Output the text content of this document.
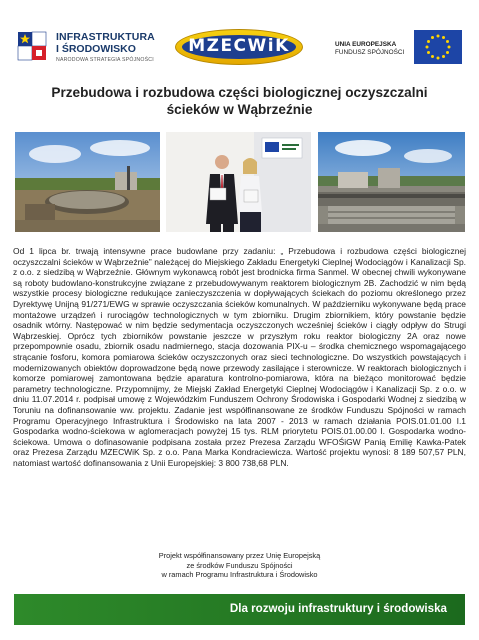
INFRASTRUKTURA
I ŚRODOWISKO
NARODOWA STRATEGIA SPÓJNOŚCI
MZECWiK	UNIA EUROPEJSKA
FUNDUSZ SPÓJNOŚCI
Przebudowa i rozbudowa części biologicznej oczyszczalni
ścieków w Wąbrzeźnie
Od 1 lipca br. trwają intensywne prace budowlane przy zadaniu: „ Przebudowa i rozbudowa części biologicznej oczyszczalni ścieków w Wąbrzeźnie” należącej do Miejskiego Zakładu Energetyki Cieplnej Wodociągów i Kanalizacji Sp. z o.o. z siedzibą w Wąbrzeźnie. Głównym wykonawcą robót jest brodnicka firma Sanmel. W obecnej chwili wykonywane są roboty budowlano-konstrukcyjne związane z przebudowywanym reaktorem biologicznym 2B. Zachodzić w nim będą wszystkie procesy biologiczne redukujące zanieczyszczenia w dopływających ściekach do poziomu określonego przez Dyrektywę Unijną 91/271/EWG w sprawie oczyszczania ścieków komunalnych. W październiku wykonywane będą prace montażowe urządzeń i rurociągów technologicznych w tym zbiorniku. Drugim zbiornikiem, który powstanie będzie osadnik wtórny. Następować w nim będzie sedymentacja oczyszczonych wcześniej ścieków i ciągły odpływ do Strugi Wąbrzeskiej. Oprócz tych zbiorników powstanie jeszcze w przyszłym roku reaktor biologiczny 2A oraz nowe przepompownie osadu, zbiornik osadu nadmiernego, stacja dozowania PIX-u – środka chemicznego wspomagającego strącanie fosforu, komora pomiarowa ścieków oczyszczonych oraz sieci technologiczne. Do wszystkich powstających i modernizowanych obiektów doprowadzone będą nowe przewody zasilające i sterownicze. W reaktorach biologicznych i komorze pomiarowej zamontowana będzie aparatura kontrolno-pomiarowa, która na bieżąco monitorować będzie parametry technologiczne. Przypomnijmy, że Miejski Zakład Energetyki Cieplnej Wodociągów i Kanalizacji Sp. z o.o. w dniu 11.07.2014 r. podpisał umowę z Wojewódzkim Funduszem Ochrony Środowiska i Gospodarki Wodnej z siedzibą w Toruniu na dofinansowanie ww. projektu. Zadanie jest współfinansowane ze środków Funduszu Spójności w ramach Programu Operacyjnego Infrastruktura i Środowisko na lata 2007 - 2013 w ramach działania POIS.01.01.00 I.1 Gospodarka wodno-ściekowa w aglomeracjach powyżej 15 tys. RLM priorytetu POIS.01.00.00 I. Gospodarka wodno-ściekowa. Umowa o dofinasowanie podpisana została przez Prezesa Zarządu WFOŚiGW Panią Emilię Kawka-Patek oraz Prezesa Zarządu MZECWiK Sp. z o.o. Pana Marka Kondraciewicza. Wartość projektu wynosi: 8 189 507,57 PLN, natomiast wartość dofinansowania z Unii Europejskiej: 3 800 738,68 PLN.
Projekt współfinansowany przez Unię Europejską
ze środków Funduszu Spójności
w ramach Programu Infrastruktura i Środowisko
Dla rozwoju infrastruktury i środowiska
